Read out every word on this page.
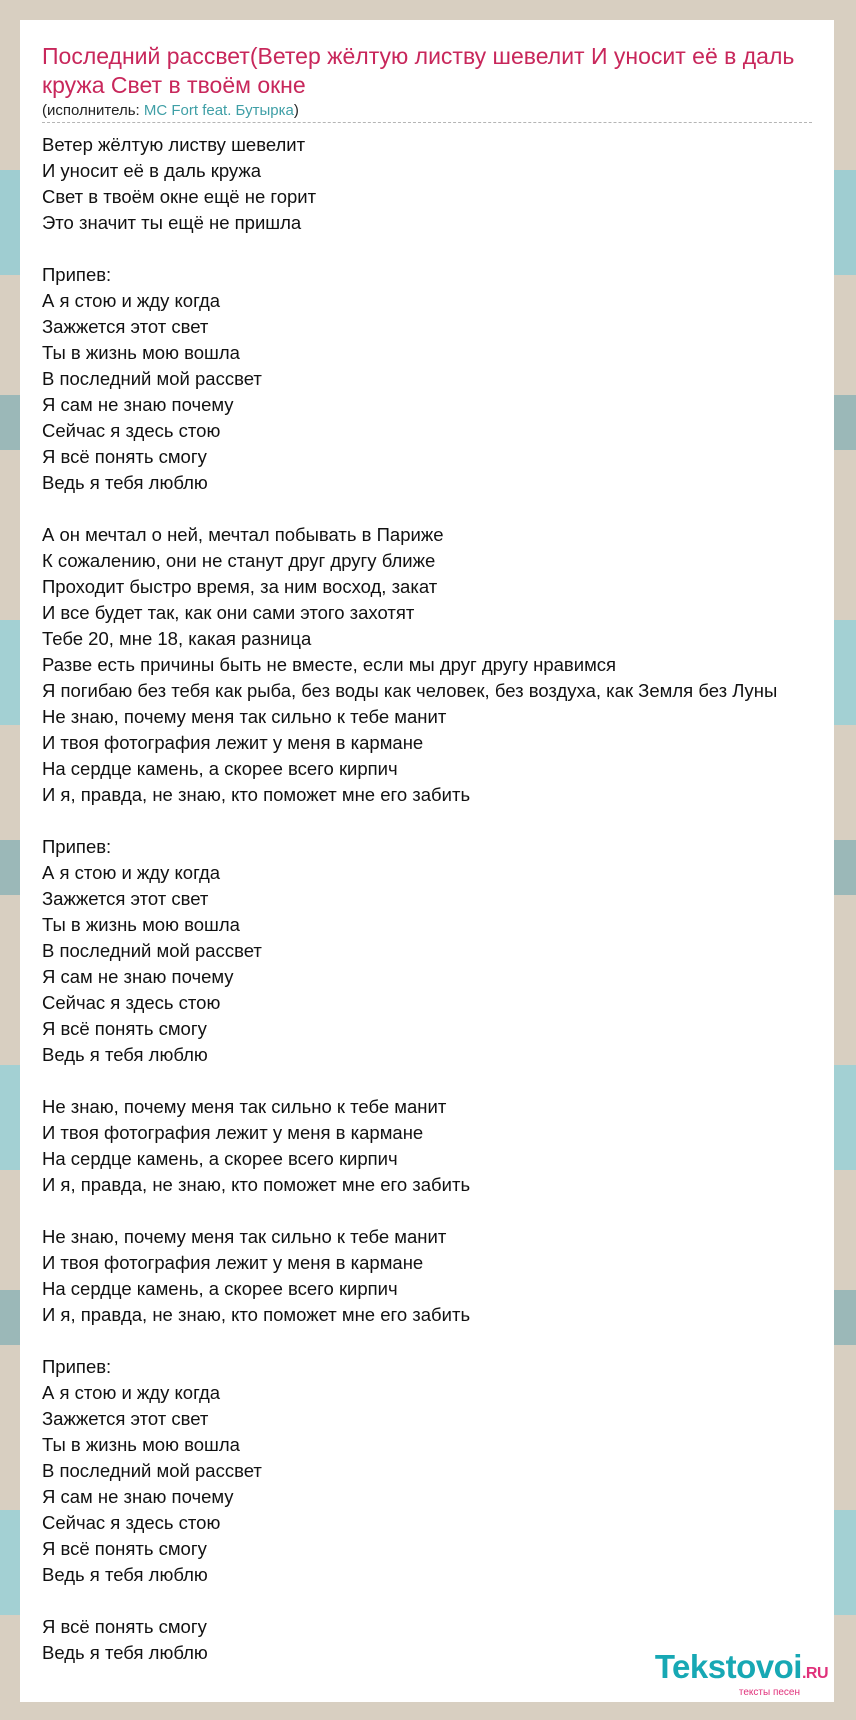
Последний рассвет(Ветер жёлтую листву шевелит И уносит её в даль кружа Свет в твоём окне
(исполнитель: MC Fort feat. Бутырка)
Ветер жёлтую листву шевелит
И уносит её в даль кружа
Свет в твоём окне ещё не горит
Это значит ты ещё не пришла
Припев:
А я стою и жду когда
Зажжется этот свет
Ты в жизнь мою вошла
В последний мой рассвет
Я сам не знаю почему
Сейчас я здесь стою
Я всё понять смогу
Ведь я тебя люблю
А он мечтал о ней, мечтал побывать в Париже
К сожалению, они не станут друг другу ближе
Проходит быстро время, за ним восход, закат
И все будет так, как они сами этого захотят
Тебе 20, мне 18, какая разница
Разве есть причины быть не вместе, если мы друг другу нравимся
Я погибаю без тебя как рыба, без воды как человек, без воздуха, как Земля без Луны
Не знаю, почему меня так сильно к тебе манит
И твоя фотография лежит у меня в кармане
На сердце камень, а скорее всего кирпич
И я, правда, не знаю, кто поможет мне его забить
Припев:
А я стою и жду когда
Зажжется этот свет
Ты в жизнь мою вошла
В последний мой рассвет
Я сам не знаю почему
Сейчас я здесь стою
Я всё понять смогу
Ведь я тебя люблю
Не знаю, почему меня так сильно к тебе манит
И твоя фотография лежит у меня в кармане
На сердце камень, а скорее всего кирпич
И я, правда, не знаю, кто поможет мне его забить
Не знаю, почему меня так сильно к тебе манит
И твоя фотография лежит у меня в кармане
На сердце камень, а скорее всего кирпич
И я, правда, не знаю, кто поможет мне его забить
Припев:
А я стою и жду когда
Зажжется этот свет
Ты в жизнь мою вошла
В последний мой рассвет
Я сам не знаю почему
Сейчас я здесь стою
Я всё понять смогу
Ведь я тебя люблю
Я всё понять смогу
Ведь я тебя люблю	Tekstovoi.RU
тексты песен
